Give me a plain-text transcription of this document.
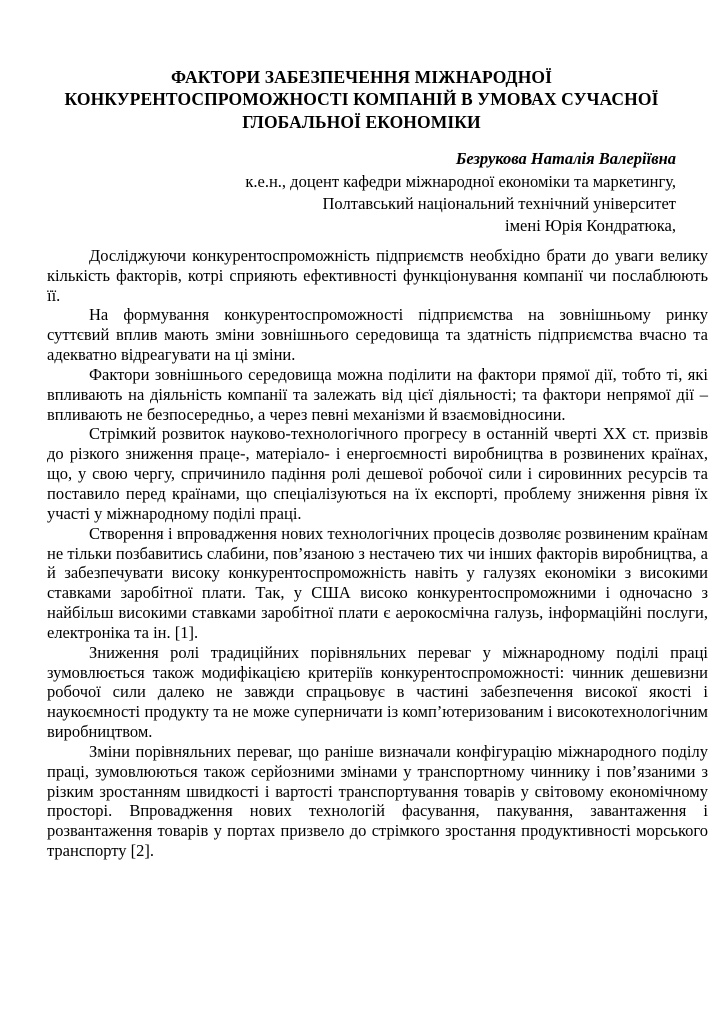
ФАКТОРИ ЗАБЕЗПЕЧЕННЯ МІЖНАРОДНОЇ
КОНКУРЕНТОСПРОМОЖНОСТІ КОМПАНІЙ В УМОВАХ СУЧАСНОЇ
ГЛОБАЛЬНОЇ ЕКОНОМІКИ
Безрукова Наталія Валеріївна
к.е.н., доцент кафедри міжнародної економіки та маркетингу,
Полтавський національний технічний університет
імені Юрія Кондратюка,

Досліджуючи конкурентоспроможність підприємств необхідно брати до уваги велику кількість факторів, котрі сприяють ефективності функціонування компанії чи послаблюють її.

На формування конкурентоспроможності підприємства на зовнішньому ринку суттєвий вплив мають зміни зовнішнього середовища та здатність підприємства вчасно та адекватно відреагувати на ці зміни.

Фактори зовнішнього середовища можна поділити на фактори прямої дії, тобто ті, які впливають на діяльність компанії та залежать від цієї діяльності; та фактори непрямої дії – впливають не безпосередньо, а через певні механізми й взаємовідносини.

Стрімкий розвиток науково-технологічного прогресу в останній чверті ХХ ст. призвів до різкого зниження праце-, матеріало- і енергоємності виробництва в розвинених країнах, що, у свою чергу, спричинило падіння ролі дешевої робочої сили і сировинних ресурсів та поставило перед країнами, що спеціалізуються на їх експорті, проблему зниження рівня їх участі у міжнародному поділі праці.

Створення і впровадження нових технологічних процесів дозволяє розвиненим країнам не тільки позбавитись слабини, пов’язаною з нестачею тих чи інших факторів виробництва, а й забезпечувати високу конкурентоспроможність навіть у галузях економіки з високими ставками заробітної плати. Так, у США високо конкурентоспроможними і одночасно з найбільш високими ставками заробітної плати є аерокосмічна галузь, інформаційні послуги, електроніка та ін. [1].

Зниження ролі традиційних порівняльних переваг у міжнародному поділі праці зумовлюється також модифікацією критеріїв конкурентоспроможності: чинник дешевизни робочої сили далеко не завжди спрацьовує в частині забезпечення високої якості і наукоємності продукту та не може суперничати із комп’ютеризованим і високотехнологічним виробництвом.

Зміни порівняльних переваг, що раніше визначали конфігурацію міжнародного поділу праці, зумовлюються також серйозними змінами у транспортному чиннику і пов’язаними з різким зростанням швидкості і вартості транспортування товарів у світовому економічному просторі. Впровадження нових технологій фасування, пакування, завантаження і розвантаження товарів у портах призвело до стрімкого зростання продуктивності морського транспорту [2].
